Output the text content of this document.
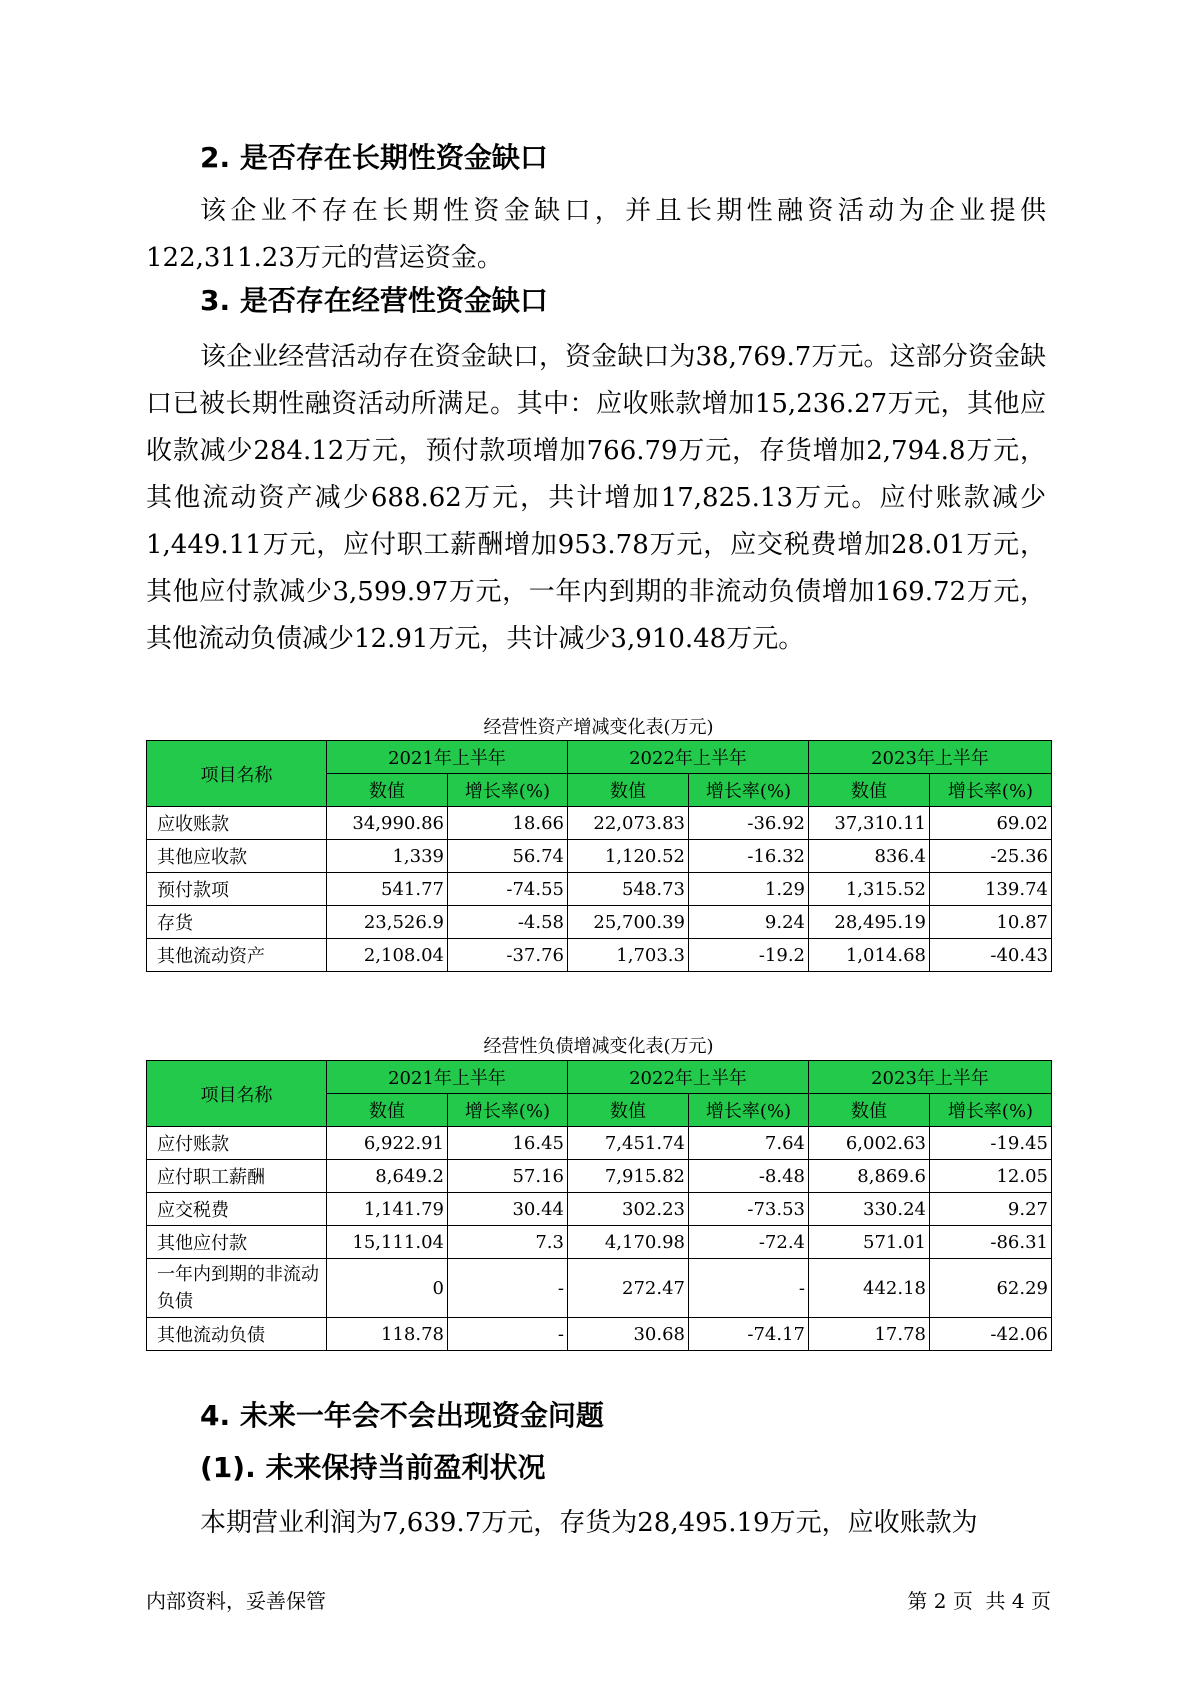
2. 是否存在长期性资金缺口

该企业不存在长期性资金缺口，并且长期性融资活动为企业提供122,311.23万元的营运资金。

3. 是否存在经营性资金缺口

该企业经营活动存在资金缺口，资金缺口为38,769.7万元。这部分资金缺口已被长期性融资活动所满足。其中：应收账款增加15,236.27万元，其他应收款减少284.12万元，预付款项增加766.79万元，存货增加2,794.8万元，其他流动资产减少688.62万元，共计增加17,825.13万元。应付账款减少1,449.11万元，应付职工薪酬增加953.78万元，应交税费增加28.01万元，其他应付款减少3,599.97万元，一年内到期的非流动负债增加169.72万元，其他流动负债减少12.91万元，共计减少3,910.48万元。

经营性资产增减变化表(万元)
项目名称	2021年上半年		2022年上半年		2023年上半年	
	数值	增长率(%)	数值	增长率(%)	数值	增长率(%)
应收账款	34,990.86	18.66	22,073.83	-36.92	37,310.11	69.02
其他应收款	1,339	56.74	1,120.52	-16.32	836.4	-25.36
预付款项	541.77	-74.55	548.73	1.29	1,315.52	139.74
存货	23,526.9	-4.58	25,700.39	9.24	28,495.19	10.87
其他流动资产	2,108.04	-37.76	1,703.3	-19.2	1,014.68	-40.43
经营性负债增减变化表(万元)
项目名称	2021年上半年		2022年上半年		2023年上半年	
	数值	增长率(%)	数值	增长率(%)	数值	增长率(%)
应付账款	6,922.91	16.45	7,451.74	7.64	6,002.63	-19.45
应付职工薪酬	8,649.2	57.16	7,915.82	-8.48	8,869.6	12.05
应交税费	1,141.79	30.44	302.23	-73.53	330.24	9.27
其他应付款	15,111.04	7.3	4,170.98	-72.4	571.01	-86.31
一年内到期的非流动负债	0	-	272.47	-	442.18	62.29
其他流动负债	118.78	-	30.68	-74.17	17.78	-42.06
4. 未来一年会不会出现资金问题
(1). 未来保持当前盈利状况

本期营业利润为7,639.7万元，存货为28,495.19万元，应收账款为

内部资料，妥善保管	第 2 页  共 4 页
